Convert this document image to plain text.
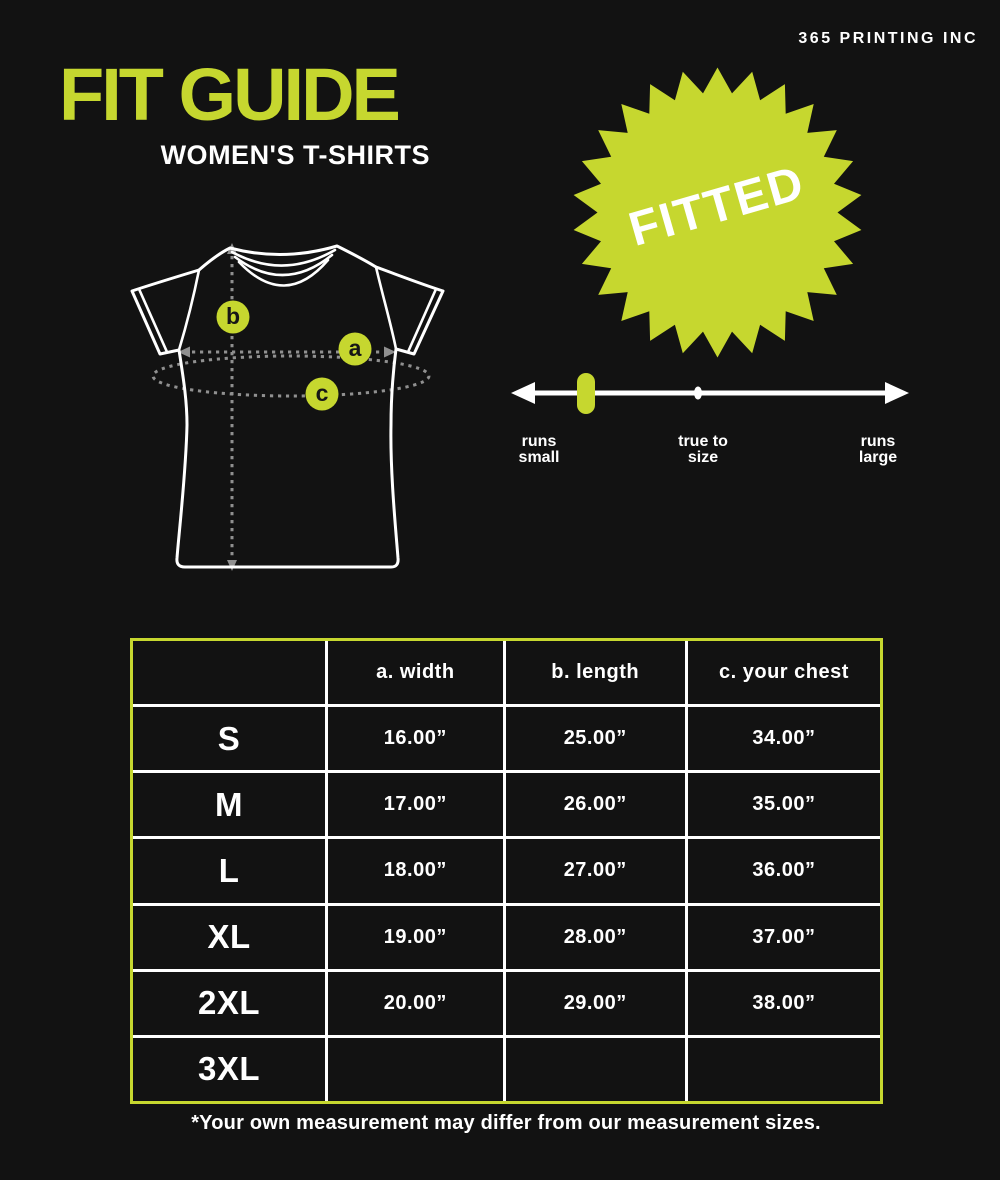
365 PRINTING INC
FIT GUIDE
WOMEN'S T-SHIRTS
b
a
c
FITTED
runs
small
true to
size
runs
large
a. width	b. length	c. your chest
S	16.00”	25.00”	34.00”
M	17.00”	26.00”	35.00”
L	18.00”	27.00”	36.00”
XL	19.00”	28.00”	37.00”
2XL	20.00”	29.00”	38.00”
3XL
*Your own measurement may differ from our measurement sizes.
